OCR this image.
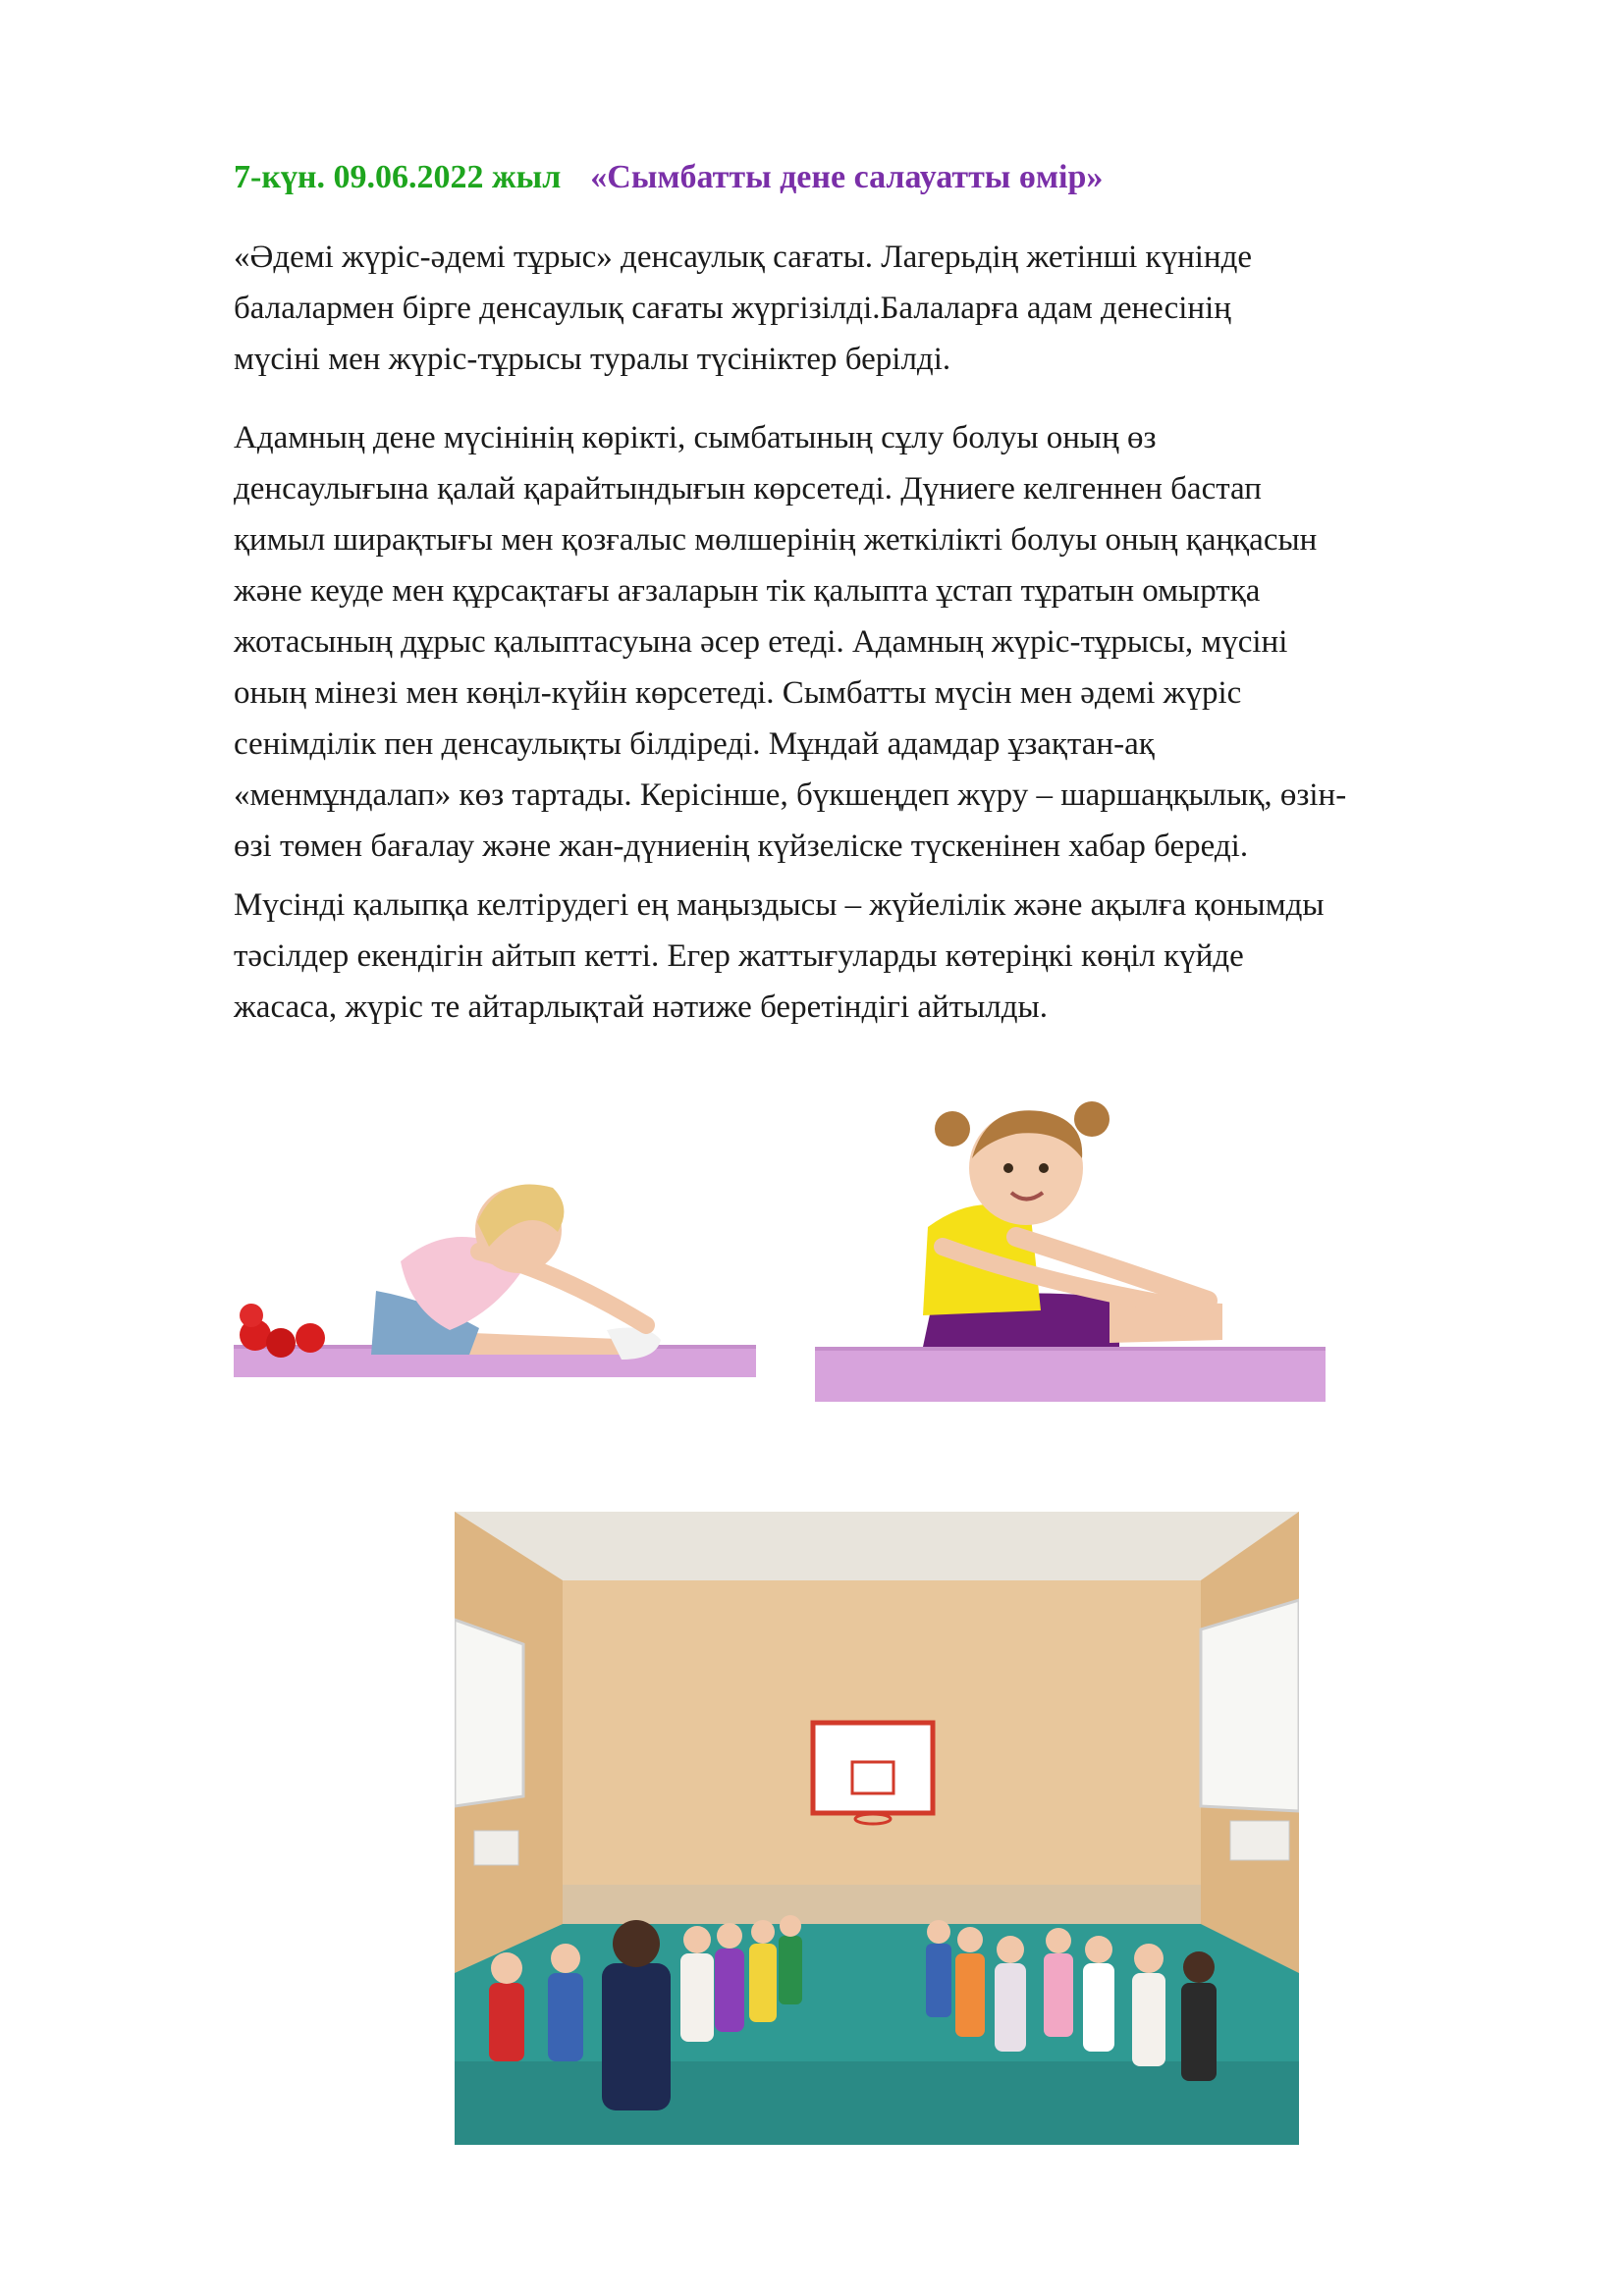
7-күн. 09.06.2022 жыл «Сымбатты дене салауатты өмір»

«Әдемі жүріс-әдемі тұрыс» денсаулық сағаты. Лагерьдің жетінші күнінде
балалармен бірге денсаулық сағаты жүргізілді.Балаларға адам денесінің
мүсіні мен жүріс-тұрысы туралы түсініктер берілді.

Адамның дене мүсінінің көрікті, сымбатының сұлу болуы оның өз
денсаулығына қалай қарайтындығын көрсетеді. Дүниеге келгеннен бастап
қимыл ширақтығы мен қозғалыс мөлшерінің жеткілікті болуы оның қаңқасын
және кеуде мен құрсақтағы ағзаларын тік қалыпта ұстап тұратын омыртқа
жотасының дұрыс қалыптасуына әсер етеді. Адамның жүріс-тұрысы, мүсіні
оның мінезі мен көңіл-күйін көрсетеді. Сымбатты мүсін мен әдемі жүріс
сенімділік пен денсаулықты білдіреді. Мұндай адамдар ұзақтан-ақ
«менмұндалап» көз тартады. Керісінше, бүкшеңдеп жүру – шаршаңқылық, өзін-
өзі төмен бағалау және жан-дүниенің күйзеліске түскенінен хабар береді.

Мүсінді қалыпқа келтірудегі ең маңыздысы – жүйелілік және ақылға қонымды
тәсілдер екендігін айтып кетті. Егер жаттығуларды көтеріңкі көңіл күйде
жасаса, жүріс те айтарлықтай нәтиже беретіндігі айтылды.
